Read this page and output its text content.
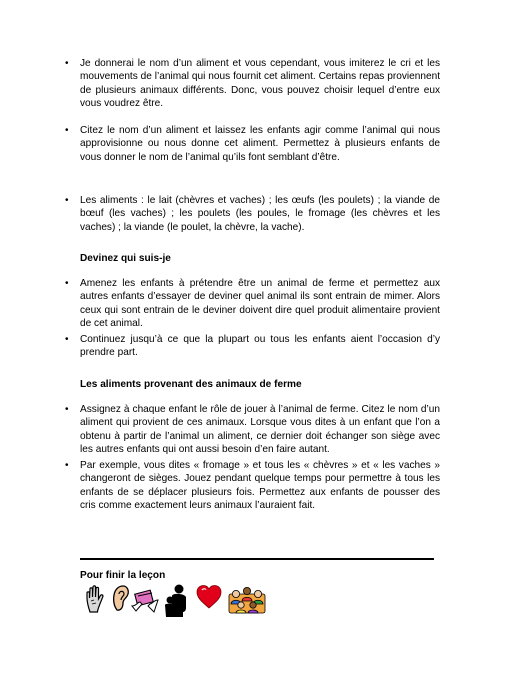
• Je donnerai le nom d’un aliment et vous cependant, vous imiterez le cri et les mouvements de l’animal qui nous fournit cet aliment. Certains repas proviennent de plusieurs animaux différents. Donc, vous pouvez choisir lequel d’entre eux vous voudrez être.
• Citez le nom d’un aliment et laissez les enfants agir comme l’animal qui nous approvisionne ou nous donne cet aliment. Permettez à plusieurs enfants de vous donner le nom de l’animal qu’ils font semblant d’être.
• Les aliments : le lait (chèvres et vaches) ; les œufs (les poulets) ; la viande de bœuf (les vaches) ; les poulets (les poules, le fromage (les chèvres et les vaches) ; la viande (le poulet, la chèvre, la vache).
Devinez qui suis-je
• Amenez les enfants à prétendre être un animal de ferme et permettez aux autres enfants d’essayer de deviner quel animal ils sont entrain de mimer. Alors ceux qui sont entrain de le deviner doivent dire quel produit alimentaire provient de cet animal.
• Continuez jusqu’à ce que la plupart ou tous les enfants aient l’occasion d’y prendre part.
Les aliments provenant des animaux de ferme
• Assignez à chaque enfant le rôle de jouer à l’animal de ferme. Citez le nom d’un aliment qui provient de ces animaux. Lorsque vous dites à un enfant que l’on a obtenu à partir de l’animal un aliment, ce dernier doit échanger son siège avec les autres enfants qui ont aussi besoin d’en faire autant.
• Par exemple, vous dites « fromage » et tous les « chèvres » et « les vaches » changeront de sièges. Jouez pendant quelque temps pour permettre à tous les enfants de se déplacer plusieurs fois. Permettez aux enfants de pousser des cris comme exactement leurs animaux l’auraient fait.
Pour finir la leçon
